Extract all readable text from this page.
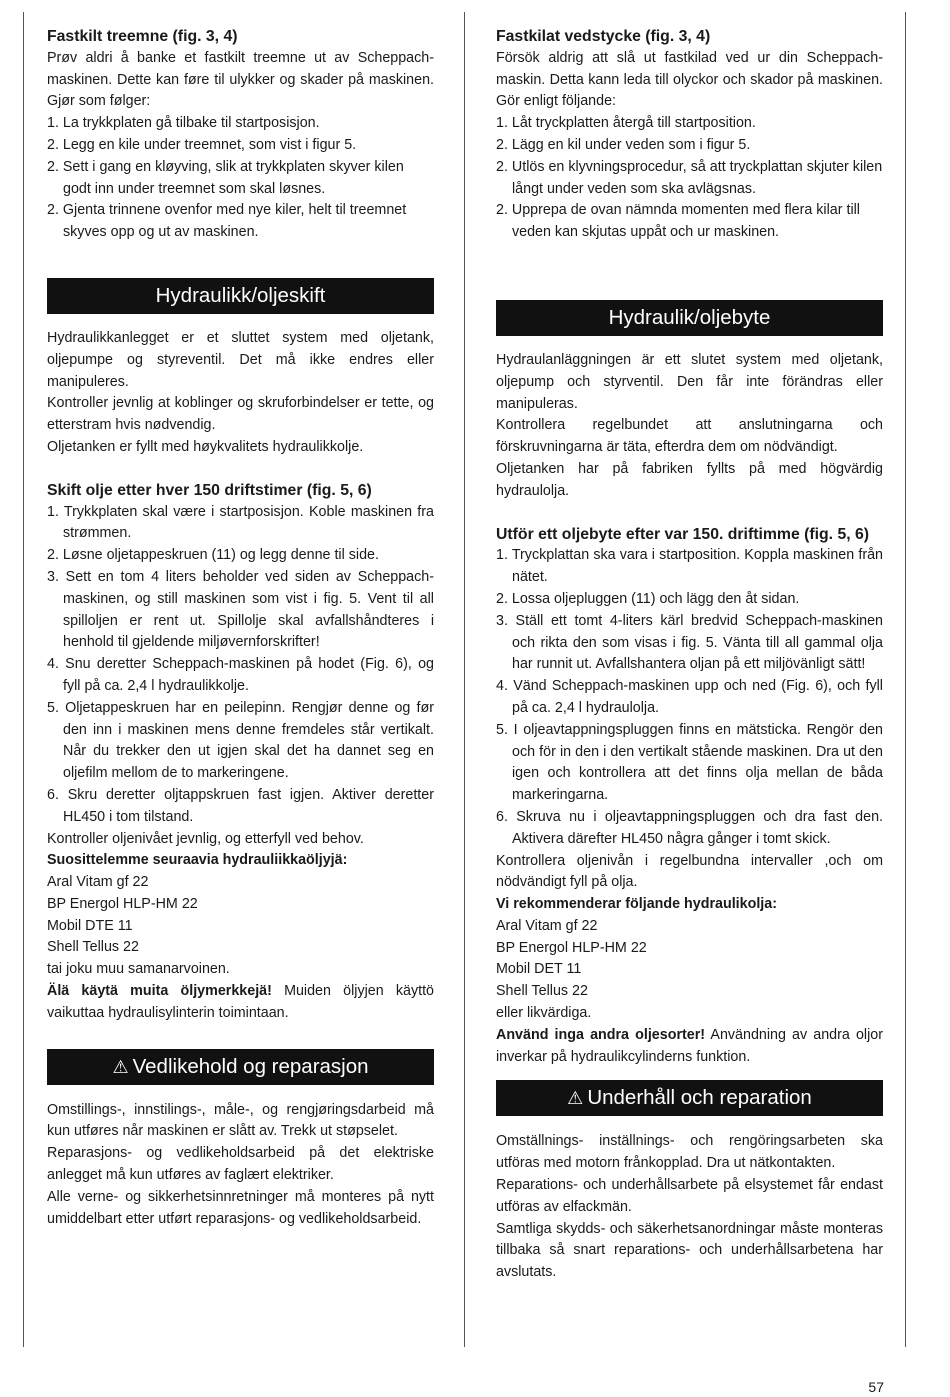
Fastkilt treemne (fig. 3, 4)

Prøv aldri å banke et fastkilt treemne ut av Scheppach-maskinen. Dette kan føre til ulykker og skader på maskinen. Gjør som følger:

1. La trykkplaten gå tilbake til startposisjon.
2. Legg en kile under treemnet, som vist i figur 5.
2. Sett i gang en kløyving, slik at trykkplaten skyver kilen godt inn under treemnet som skal løsnes.
2. Gjenta trinnene ovenfor med nye kiler, helt til treemnet skyves opp og ut av maskinen.
Hydraulikk/oljeskift

Hydraulikkanlegget er et sluttet system med oljetank, oljepumpe og styreventil. Det må ikke endres eller manipuleres.

Kontroller jevnlig at koblinger og skruforbindelser er tette, og etterstram hvis nødvendig.

Oljetanken er fyllt med høykvalitets hydraulikkolje.

Skift olje etter hver 150 driftstimer (fig. 5, 6)

1. Trykkplaten skal være i startposisjon. Koble maskinen fra strømmen.
2. Løsne oljetappeskruen (11) og legg denne til side.
3. Sett en tom 4 liters beholder ved siden av Scheppach-maskinen, og still maskinen som vist i fig. 5. Vent til all spilloljen er rent ut. Spillolje skal avfallshåndteres i henhold til gjeldende miljøvernforskrifter!
4. Snu deretter Scheppach-maskinen på hodet (Fig. 6), og fyll på ca. 2,4 l hydraulikkolje.
5. Oljetappeskruen har en peilepinn. Rengjør denne og før den inn i maskinen mens denne fremdeles står vertikalt. Når du trekker den ut igjen skal det ha dannet seg en oljefilm mellom de to markeringene.
6. Skru deretter oljtappskruen fast igjen. Aktiver deretter HL450 i tom tilstand.

Kontroller oljenivået jevnlig, og etterfyll ved behov.

Suosittelemme seuraavia hydrauliikkaöljyjä:

Aral Vitam gf 22

BP Energol HLP-HM 22

Mobil DTE 11

Shell Tellus 22

tai joku muu samanarvoinen.

Älä käytä muita öljymerkkejä! Muiden öljyjen käyttö vaikuttaa hydraulisylinterin toimintaan.

⚠ Vedlikehold og reparasjon

Omstillings-, innstilings-, måle-, og rengjøringsdarbeid må kun utføres når maskinen er slått av. Trekk ut støpselet.

Reparasjons- og vedlikeholdsarbeid på det elektriske anlegget må kun utføres av faglært elektriker.

Alle verne- og sikkerhetsinnretninger må monteres på nytt umiddelbart etter utført reparasjons- og vedlikeholdsarbeid.

Fastkilat vedstycke (fig. 3, 4)

Försök aldrig att slå ut fastkilad ved ur din Scheppach-maskin. Detta kann leda till olyckor och skador på maskinen. Gör enligt följande:

1. Låt tryckplatten återgå till startposition.
2. Lägg en kil under veden som i figur 5.
2. Utlös en klyvningsprocedur, så att tryckplattan skjuter kilen långt under veden som ska avlägsnas.
2. Upprepa de ovan nämnda momenten med flera kilar till veden kan skjutas uppåt och ur maskinen.
Hydraulik/oljebyte

Hydraulanläggningen är ett slutet system med oljetank, oljepump och styrventil. Den får inte förändras eller manipuleras.

Kontrollera regelbundet att anslutningarna och förskruvningarna är täta, efterdra dem om nödvändigt.

Oljetanken har på fabriken fyllts på med högvärdig hydraulolja.

Utför ett oljebyte efter var 150. driftimme (fig. 5, 6)

1. Tryckplattan ska vara i startposition. Koppla maskinen från nätet.
2. Lossa oljepluggen (11) och lägg den åt sidan.
3. Ställ ett tomt 4-liters kärl bredvid Scheppach-maskinen och rikta den som visas i fig. 5. Vänta till all gammal olja har runnit ut. Avfallshantera oljan på ett miljövänligt sätt!
4. Vänd Scheppach-maskinen upp och ned (Fig. 6), och fyll på ca. 2,4 l hydraulolja.
5. I oljeavtappningspluggen finns en mätsticka. Rengör den och för in den i den vertikalt stående maskinen. Dra ut den igen och kontrollera att det finns olja mellan de båda markeringarna.
6. Skruva nu i oljeavtappningspluggen och dra fast den. Aktivera därefter HL450 några gånger i tomt skick.

Kontrollera oljenivån i regelbundna intervaller ,och om nödvändigt fyll på olja.

Vi rekommenderar följande hydraulikolja:

Aral Vitam gf 22

BP Energol HLP-HM 22

Mobil DET 11

Shell Tellus 22

eller likvärdiga.

Använd inga andra oljesorter! Användning av andra oljor inverkar på hydraulikcylinderns funktion.

⚠ Underhåll och reparation

Omställnings- inställnings- och rengöringsarbeten ska utföras med motorn frånkopplad. Dra ut nätkontakten.

Reparations- och underhållsarbete på elsystemet får endast utföras av elfackmän.

Samtliga skydds- och säkerhetsanordningar måste monteras tillbaka så snart reparations- och underhållsarbetena har avslutats.

57
